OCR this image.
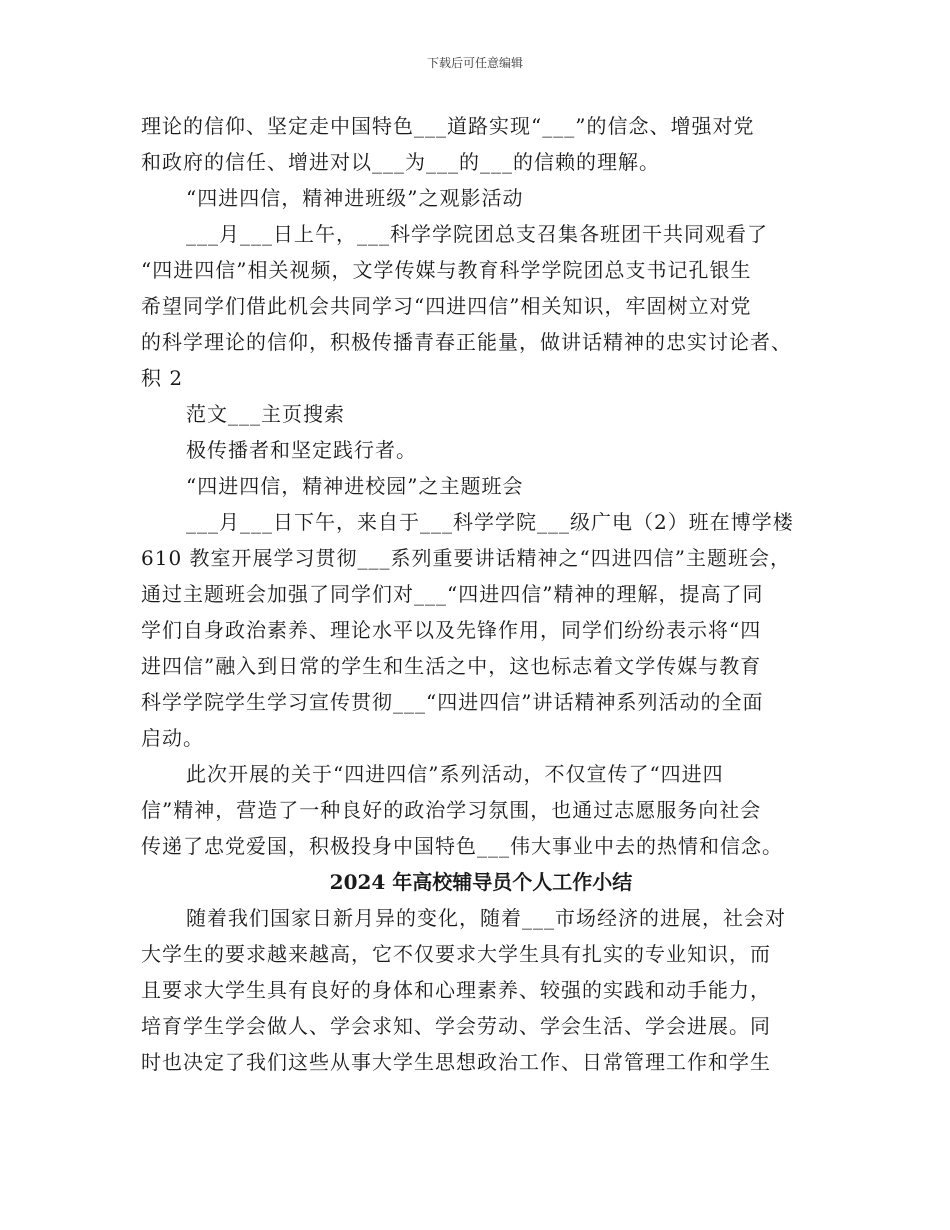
下载后可任意编辑
理论的信仰、坚定走中国特色___道路实现“___”的信念、增强对党
和政府的信任、增进对以___为___的___的信赖的理解。
“四进四信，精神进班级”之观影活动
___月___日上午，___科学学院团总支召集各班团干共同观看了
“四进四信”相关视频，文学传媒与教育科学学院团总支书记孔银生
希望同学们借此机会共同学习“四进四信”相关知识，牢固树立对党
的科学理论的信仰，积极传播青春正能量，做讲话精神的忠实讨论者、
积 2
范文___主页搜索
极传播者和坚定践行者。
“四进四信，精神进校园”之主题班会
___月___日下午，来自于___科学学院___级广电（2）班在博学楼
610 教室开展学习贯彻___系列重要讲话精神之“四进四信”主题班会，
通过主题班会加强了同学们对___“四进四信”精神的理解，提高了同
学们自身政治素养、理论水平以及先锋作用，同学们纷纷表示将“四
进四信”融入到日常的学生和生活之中，这也标志着文学传媒与教育
科学学院学生学习宣传贯彻___“四进四信”讲话精神系列活动的全面
启动。
此次开展的关于“四进四信”系列活动，不仅宣传了“四进四
信”精神，营造了一种良好的政治学习氛围，也通过志愿服务向社会
传递了忠党爱国，积极投身中国特色___伟大事业中去的热情和信念。
2024 年高校辅导员个人工作小结
随着我们国家日新月异的变化，随着___市场经济的进展，社会对
大学生的要求越来越高，它不仅要求大学生具有扎实的专业知识，而
且要求大学生具有良好的身体和心理素养、较强的实践和动手能力，
培育学生学会做人、学会求知、学会劳动、学会生活、学会进展。同
时也决定了我们这些从事大学生思想政治工作、日常管理工作和学生
